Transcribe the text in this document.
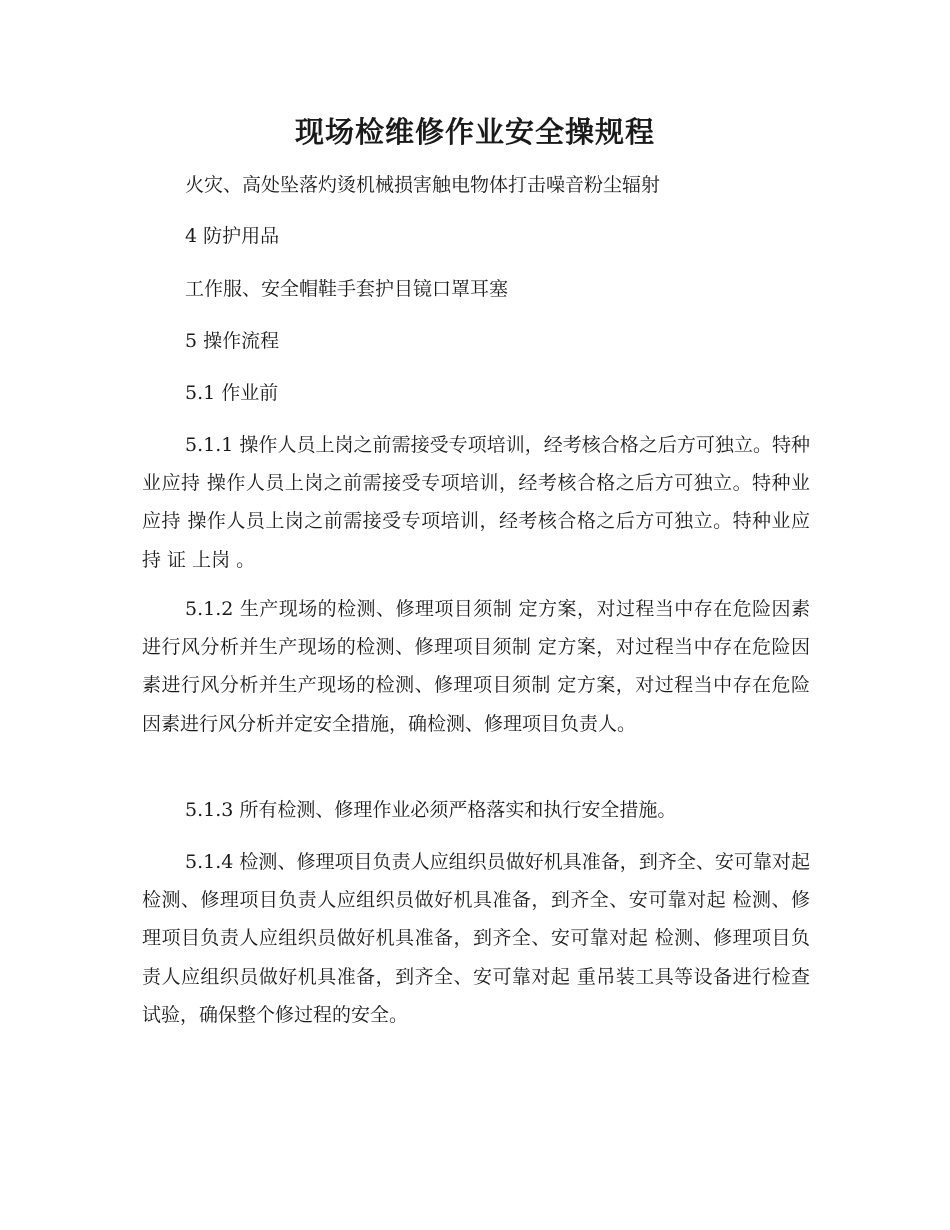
现场检维修作业安全操规程
火灾、高处坠落灼烫机械损害触电物体打击噪音粉尘辐射
4 防护用品
工作服、安全帽鞋手套护目镜口罩耳塞
5 操作流程
5.1 作业前
5.1.1 操作人员上岗之前需接受专项培训，经考核合格之后方可独立。特种业应持 操作人员上岗之前需接受专项培训，经考核合格之后方可独立。特种业应持 操作人员上岗之前需接受专项培训，经考核合格之后方可独立。特种业应持 证 上岗 。
5.1.2 生产现场的检测、修理项目须制 定方案，对过程当中存在危险因素进行风分析并生产现场的检测、修理项目须制 定方案，对过程当中存在危险因素进行风分析并生产现场的检测、修理项目须制 定方案，对过程当中存在危险因素进行风分析并定安全措施，确检测、修理项目负责人。
5.1.3 所有检测、修理作业必须严格落实和执行安全措施。
5.1.4 检测、修理项目负责人应组织员做好机具准备，到齐全、安可靠对起 检测、修理项目负责人应组织员做好机具准备，到齐全、安可靠对起 检测、修理项目负责人应组织员做好机具准备，到齐全、安可靠对起 检测、修理项目负责人应组织员做好机具准备，到齐全、安可靠对起 重吊装工具等设备进行检查试验，确保整个修过程的安全。
